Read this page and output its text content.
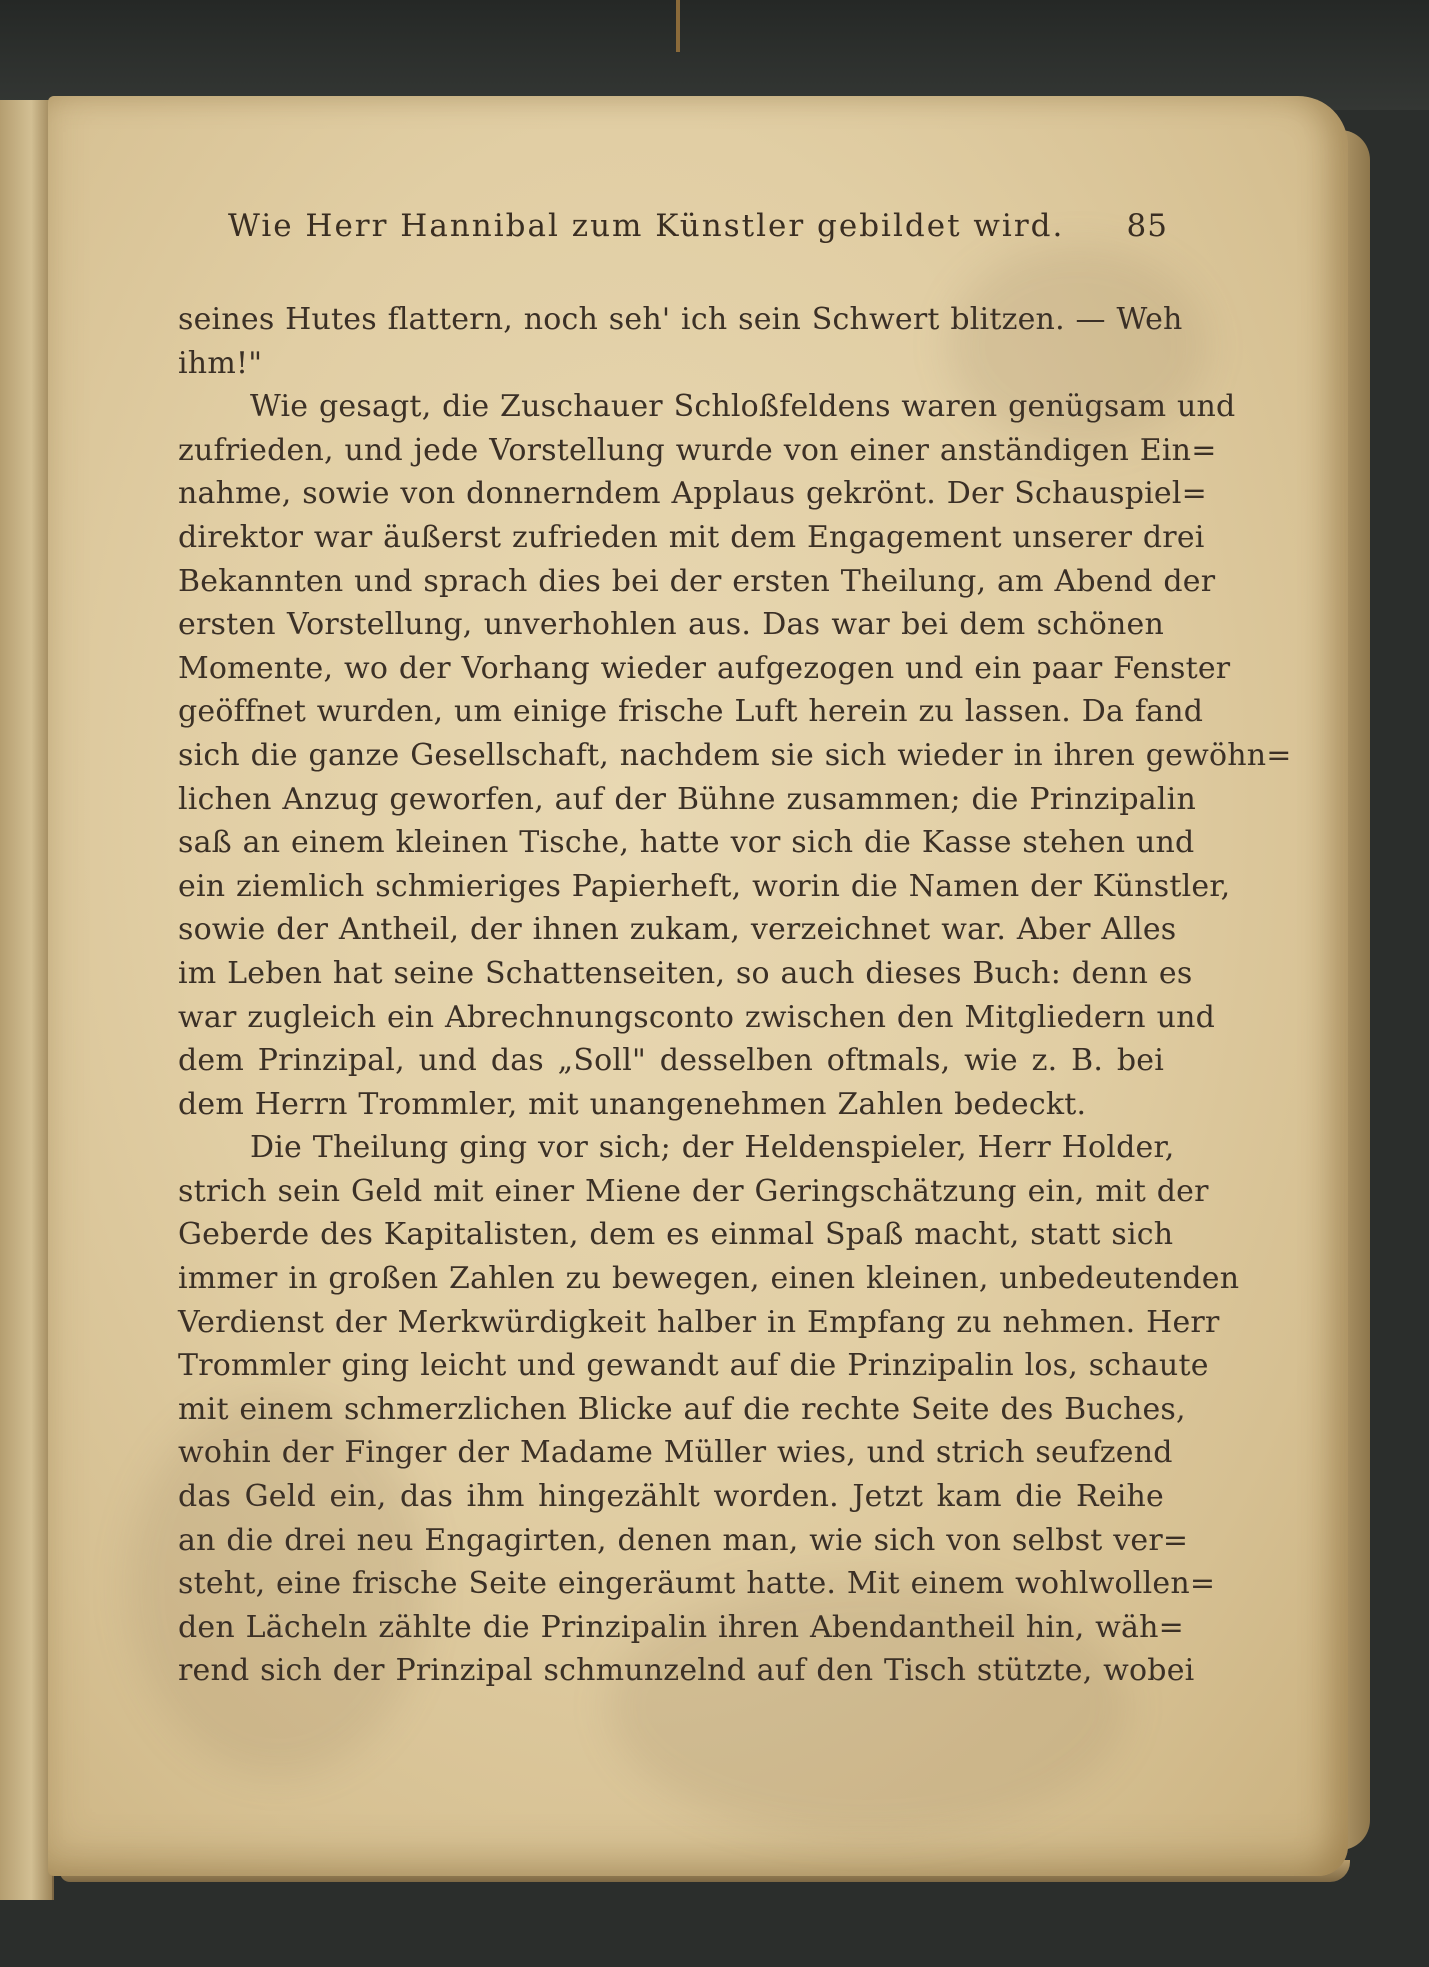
Wie Herr Hannibal zum Künstler gebildet wird. 85
seines Hutes flattern, noch seh' ich sein Schwert blitzen. — Weh
ihm!"
Wie gesagt, die Zuschauer Schloßfeldens waren genügsam und
zufrieden, und jede Vorstellung wurde von einer anständigen Ein=
nahme, sowie von donnerndem Applaus gekrönt. Der Schauspiel=
direktor war äußerst zufrieden mit dem Engagement unserer drei
Bekannten und sprach dies bei der ersten Theilung, am Abend der
ersten Vorstellung, unverhohlen aus. Das war bei dem schönen
Momente, wo der Vorhang wieder aufgezogen und ein paar Fenster
geöffnet wurden, um einige frische Luft herein zu lassen. Da fand
sich die ganze Gesellschaft, nachdem sie sich wieder in ihren gewöhn=
lichen Anzug geworfen, auf der Bühne zusammen; die Prinzipalin
saß an einem kleinen Tische, hatte vor sich die Kasse stehen und
ein ziemlich schmieriges Papierheft, worin die Namen der Künstler,
sowie der Antheil, der ihnen zukam, verzeichnet war. Aber Alles
im Leben hat seine Schattenseiten, so auch dieses Buch: denn es
war zugleich ein Abrechnungsconto zwischen den Mitgliedern und
dem Prinzipal, und das „Soll" desselben oftmals, wie z. B. bei
dem Herrn Trommler, mit unangenehmen Zahlen bedeckt.
Die Theilung ging vor sich; der Heldenspieler, Herr Holder,
strich sein Geld mit einer Miene der Geringschätzung ein, mit der
Geberde des Kapitalisten, dem es einmal Spaß macht, statt sich
immer in großen Zahlen zu bewegen, einen kleinen, unbedeutenden
Verdienst der Merkwürdigkeit halber in Empfang zu nehmen. Herr
Trommler ging leicht und gewandt auf die Prinzipalin los, schaute
mit einem schmerzlichen Blicke auf die rechte Seite des Buches,
wohin der Finger der Madame Müller wies, und strich seufzend
das Geld ein, das ihm hingezählt worden. Jetzt kam die Reihe
an die drei neu Engagirten, denen man, wie sich von selbst ver=
steht, eine frische Seite eingeräumt hatte. Mit einem wohlwollen=
den Lächeln zählte die Prinzipalin ihren Abendantheil hin, wäh=
rend sich der Prinzipal schmunzelnd auf den Tisch stützte, wobei
